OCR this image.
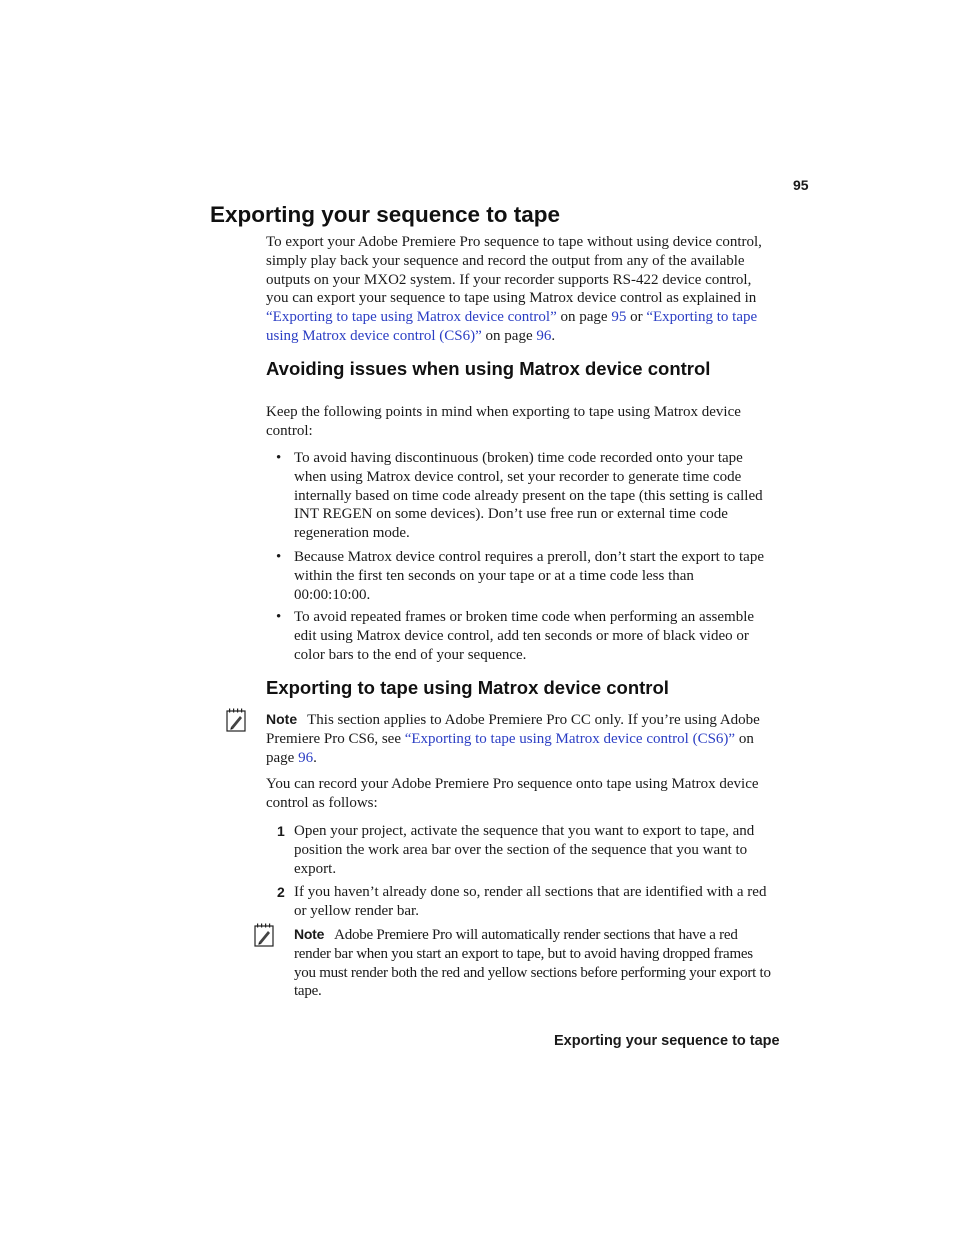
95
Exporting your sequence to tape

To export your Adobe Premiere Pro sequence to tape without using device control, simply play back your sequence and record the output from any of the available outputs on your MXO2 system. If your recorder supports RS-422 device control, you can export your sequence to tape using Matrox device control as explained in “Exporting to tape using Matrox device control” on page 95 or “Exporting to tape using Matrox device control (CS6)” on page 96.

Avoiding issues when using Matrox device control

Keep the following points in mind when exporting to tape using Matrox device control:

• To avoid having discontinuous (broken) time code recorded onto your tape when using Matrox device control, set your recorder to generate time code internally based on time code already present on the tape (this setting is called INT REGEN on some devices). Don’t use free run or external time code regeneration mode.

• Because Matrox device control requires a preroll, don’t start the export to tape within the first ten seconds on your tape or at a time code less than 00:00:10:00.

• To avoid repeated frames or broken time code when performing an assemble edit using Matrox device control, add ten seconds or more of black video or color bars to the end of your sequence.

Exporting to tape using Matrox device control

Note This section applies to Adobe Premiere Pro CC only. If you’re using Adobe Premiere Pro CS6, see “Exporting to tape using Matrox device control (CS6)” on page 96.

You can record your Adobe Premiere Pro sequence onto tape using Matrox device control as follows:

1 Open your project, activate the sequence that you want to export to tape, and position the work area bar over the section of the sequence that you want to export.

2 If you haven’t already done so, render all sections that are identified with a red or yellow render bar.

Note Adobe Premiere Pro will automatically render sections that have a red render bar when you start an export to tape, but to avoid having dropped frames you must render both the red and yellow sections before performing your export to tape.

Exporting your sequence to tape
